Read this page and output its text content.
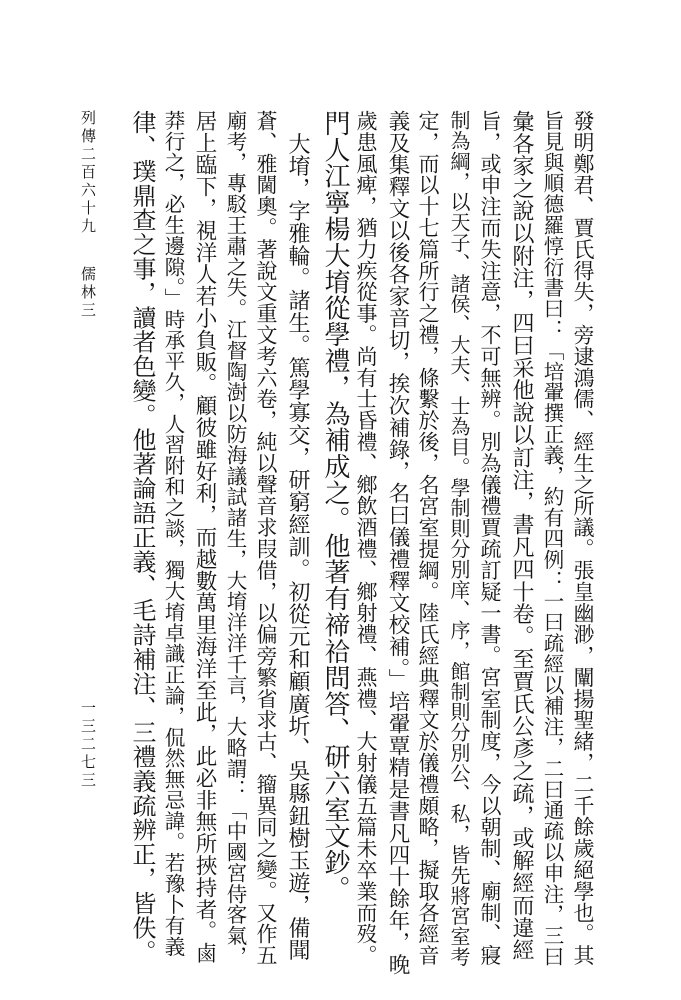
列傳二百六十九儒林三
一三二七三	發明鄭君、賈氏得失，旁逮鴻儒、經生之所議。張皇幽渺，闡揚聖緒，二千餘歲絕學也。其
旨見與順德羅惇衍書曰：「培翬撰正義，約有四例：一曰疏經以補注，二曰通疏以申注，三曰
彙各家之說以附注，四曰采他說以訂注，書凡四十卷。至賈氏公彥之疏，或解經而違經
旨，或申注而失注意，不可無辨。別為儀禮賈疏訂疑一書。宮室制度，今以朝制、廟制、寢
制為綱，以天子、諸侯、大夫、士為目。學制則分別庠、序，館制則分別公、私，皆先將宮室考
定，而以十七篇所行之禮，條繫於後，名宮室提綱。陸氏經典釋文於儀禮頗略，擬取各經音
義及集釋文以後各家音切，挨次補錄，名曰儀禮釋文校補。」培翬覃精是書凡四十餘年，晚
歲患風痺，猶力疾從事。尚有士昏禮、鄉飲酒禮、鄉射禮、燕禮、大射儀五篇未卒業而歿。
門人江寧楊大堉從學禮，為補成之。他著有禘祫問答、研六室文鈔。
　大堉，字雅輪。諸生。篤學寡交，研窮經訓。初從元和顧廣圻、吳縣鈕樹玉遊，備聞
蒼、雅閫奧。著說文重文考六卷，純以聲音求叚借，以偏旁繁省求古、籀異同之變。又作五
廟考，專駁王肅之失。江督陶澍以防海議試諸生，大堉洋洋千言，大略謂：「中國宮侍客氣，
居上臨下，視洋人若小負販。顧彼雖好利，而越數萬里海洋至此，此必非無所挾持者。鹵
莽行之，必生邊隙。」時承平久，人習附和之談，獨大堉卓識正論，侃然無忌諱。若豫卜有義
律、璞鼎查之事，讀者色變。他著論語正義、毛詩補注、三禮義疏辨正，皆佚。
